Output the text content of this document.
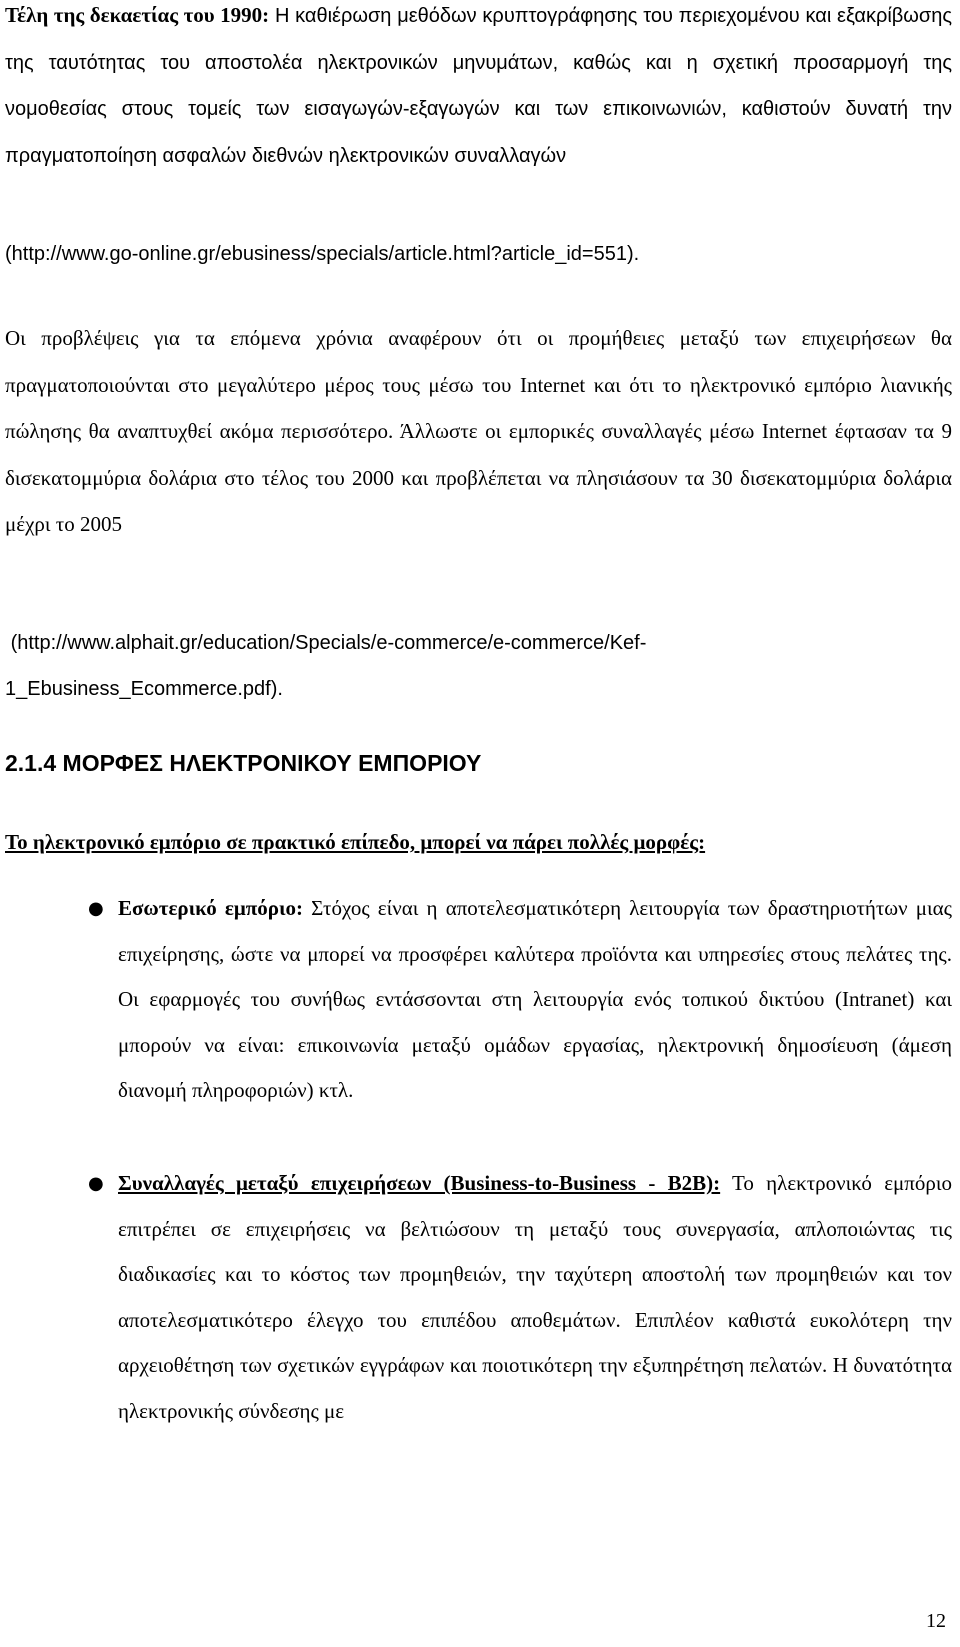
Τέλη της δεκαετίας του 1990: Η καθιέρωση μεθόδων κρυπτογράφησης του περιεχομένου και εξακρίβωσης της ταυτότητας του αποστολέα ηλεκτρονικών μηνυμάτων, καθώς και η σχετική προσαρμογή της νομοθεσίας στους τομείς των εισαγωγών-εξαγωγών και των επικοινωνιών, καθιστούν δυνατή την πραγματοποίηση ασφαλών διεθνών ηλεκτρονικών συναλλαγών

(http://www.go-online.gr/ebusiness/specials/article.html?article_id=551).

Οι προβλέψεις για τα επόμενα χρόνια αναφέρουν ότι οι προμήθειες μεταξύ των επιχειρήσεων θα πραγματοποιούνται στο μεγαλύτερο μέρος τους μέσω του Internet και ότι το ηλεκτρονικό εμπόριο λιανικής πώλησης θα αναπτυχθεί ακόμα περισσότερο. Άλλωστε οι εμπορικές συναλλαγές μέσω Internet έφτασαν τα 9 δισεκατομμύρια δολάρια στο τέλος του 2000 και προβλέπεται να πλησιάσουν τα 30 δισεκατομμύρια δολάρια μέχρι το 2005

(http://www.alphait.gr/education/Specials/e-commerce/e-commerce/Kef-
1_Ebusiness_Ecommerce.pdf).

2.1.4 ΜΟΡΦΕΣ ΗΛΕΚΤΡΟΝΙΚΟΥ ΕΜΠΟΡΙΟΥ

Το ηλεκτρονικό εμπόριο σε πρακτικό επίπεδο, μπορεί να πάρει πολλές μορφές:

● Εσωτερικό εμπόριο: Στόχος είναι η αποτελεσματικότερη λειτουργία των δραστηριοτήτων μιας επιχείρησης, ώστε να μπορεί να προσφέρει καλύτερα προϊόντα και υπηρεσίες στους πελάτες της. Οι εφαρμογές του συνήθως εντάσσονται στη λειτουργία ενός τοπικού δικτύου (Intranet) και μπορούν να είναι: επικοινωνία μεταξύ ομάδων εργασίας, ηλεκτρονική δημοσίευση (άμεση διανομή πληροφοριών) κτλ.
● Συναλλαγές μεταξύ επιχειρήσεων (Business-to-Business - B2B): Το ηλεκτρονικό εμπόριο επιτρέπει σε επιχειρήσεις να βελτιώσουν τη μεταξύ τους συνεργασία, απλοποιώντας τις διαδικασίες και το κόστος των προμηθειών, την ταχύτερη αποστολή των προμηθειών και τον αποτελεσματικότερο έλεγχο του επιπέδου αποθεμάτων. Επιπλέον καθιστά ευκολότερη την αρχειοθέτηση των σχετικών εγγράφων και ποιοτικότερη την εξυπηρέτηση πελατών. Η δυνατότητα ηλεκτρονικής σύνδεσης με
12
